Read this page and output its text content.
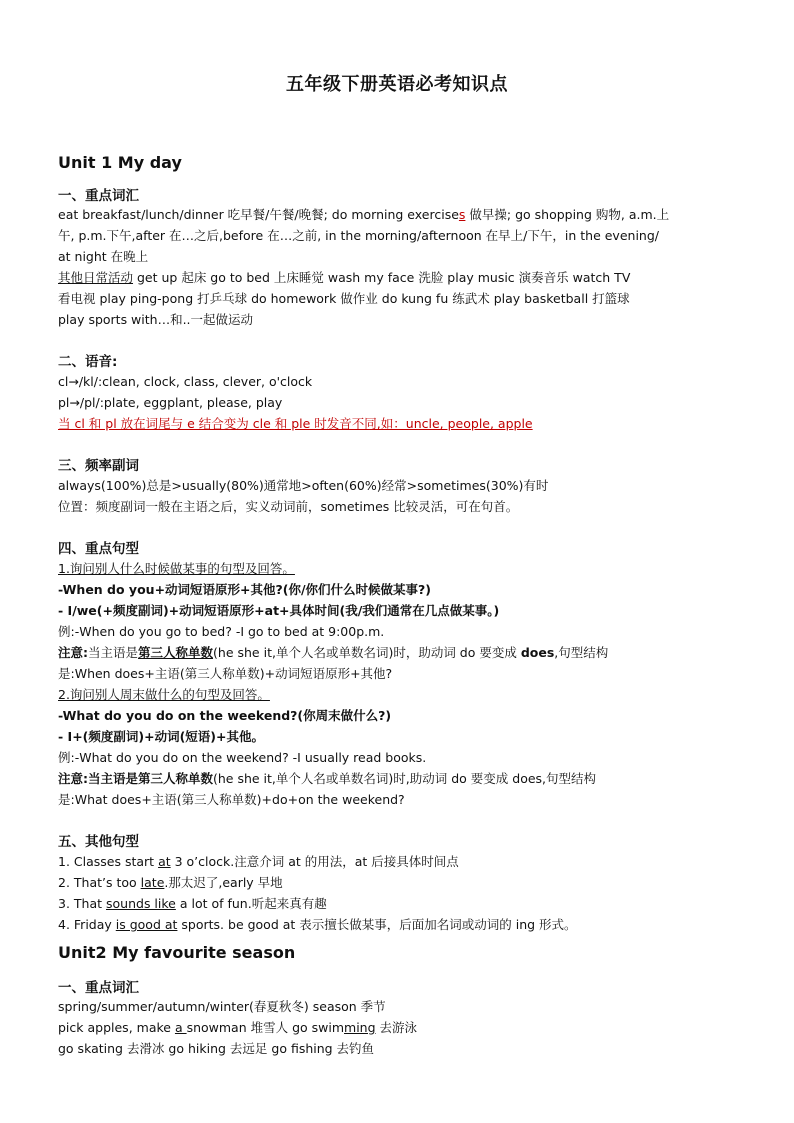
五年级下册英语必考知识点
Unit 1 My day
一、重点词汇
eat breakfast/lunch/dinner 吃早餐/午餐/晚餐; do morning exercises 做早操; go shopping 购物, a.m.上
午, p.m.下午,after 在…之后,before 在…之前, in the morning/afternoon 在早上/下午，in the evening/
at night 在晚上
其他日常活动 get up 起床 go to bed 上床睡觉 wash my face 洗脸 play music 演奏音乐 watch TV
看电视 play ping-pong 打乒乓球 do homework 做作业 do kung fu 练武术 play basketball 打篮球
play sports with…和..一起做运动
二、语音:
cl→/kl/:clean, clock, class, clever, o'clock
pl→/pl/:plate, eggplant, please, play
当 cl 和 pl 放在词尾与 e 结合变为 cle 和 ple 时发音不同,如：uncle, people, apple
三、频率副词
always(100%)总是>usually(80%)通常地>often(60%)经常>sometimes(30%)有时
位置：频度副词一般在主语之后，实义动词前，sometimes 比较灵活，可在句首。
四、重点句型
1.询问别人什么时候做某事的句型及回答。
-When do you+动词短语原形+其他?(你/你们什么时候做某事?)
- I/we(+频度副词)+动词短语原形+at+具体时间(我/我们通常在几点做某事。)
例:-When do you go to bed? -I go to bed at 9:00p.m.
注意:当主语是第三人称单数(he she it,单个人名或单数名词)时，助动词 do 要变成 does,句型结构
是:When does+主语(第三人称单数)+动词短语原形+其他?
2.询问别人周末做什么的句型及回答。
-What do you do on the weekend?(你周末做什么?)
- I+(频度副词)+动词(短语)+其他。
例:-What do you do on the weekend? -I usually read books.
注意:当主语是第三人称单数(he she it,单个人名或单数名词)时,助动词 do 要变成 does,句型结构
是:What does+主语(第三人称单数)+do+on the weekend?
五、其他句型
1. Classes start at 3 o’clock.注意介词 at 的用法，at 后接具体时间点
2. That’s too late.那太迟了,early 早地
3. That sounds like a lot of fun.听起来真有趣
4. Friday is good at sports. be good at 表示擅长做某事，后面加名词或动词的 ing 形式。
Unit2 My favourite season
一、重点词汇
spring/summer/autumn/winter(春夏秋冬) season 季节
pick apples, make a snowman 堆雪人 go swimming 去游泳
go skating 去滑冰 go hiking 去远足 go fishing 去钓鱼
